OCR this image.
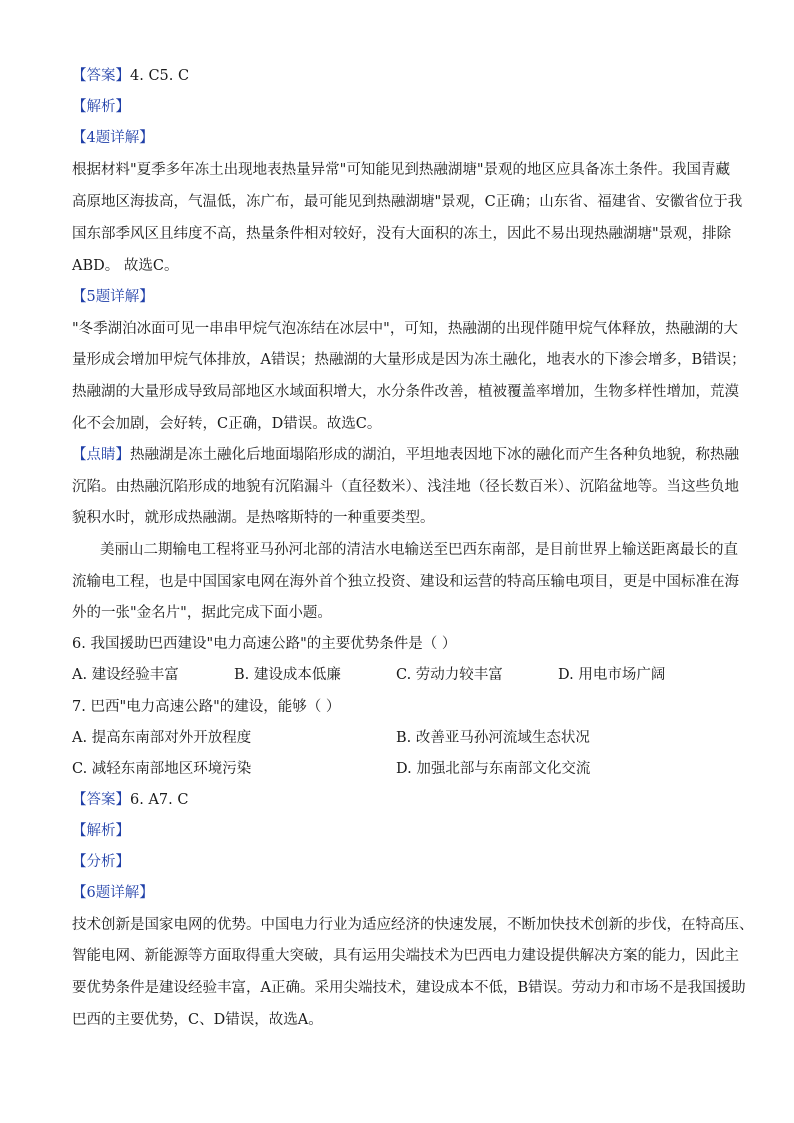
【答案】4. C5. C
【解析】
【4题详解】
根据材料"夏季多年冻土出现地表热量异常"可知能见到热融湖塘"景观的地区应具备冻土条件。我国青藏
高原地区海拔高，气温低，冻广布，最可能见到热融湖塘"景观，C正确；山东省、福建省、安徽省位于我
国东部季风区且纬度不高，热量条件相对较好，没有大面积的冻土，因此不易出现热融湖塘"景观，排除
ABD。 故选C。
【5题详解】
"冬季湖泊冰面可见一串串甲烷气泡冻结在冰层中"，可知，热融湖的出现伴随甲烷气体释放，热融湖的大
量形成会增加甲烷气体排放，A错误；热融湖的大量形成是因为冻土融化，地表水的下渗会增多，B错误；
热融湖的大量形成导致局部地区水域面积增大，水分条件改善，植被覆盖率增加，生物多样性增加，荒漠
化不会加剧，会好转，C正确，D错误。故选C。
【点睛】热融湖是冻土融化后地面塌陷形成的湖泊，平坦地表因地下冰的融化而产生各种负地貌，称热融
沉陷。由热融沉陷形成的地貌有沉陷漏斗（直径数米）、浅洼地（径长数百米）、沉陷盆地等。当这些负地
貌积水时，就形成热融湖。是热喀斯特的一种重要类型。
美丽山二期输电工程将亚马孙河北部的清洁水电输送至巴西东南部，是目前世界上输送距离最长的直
流输电工程，也是中国国家电网在海外首个独立投资、建设和运营的特高压输电项目，更是中国标准在海
外的一张"金名片"，据此完成下面小题。
6. 我国援助巴西建设"电力高速公路"的主要优势条件是（ ）
A. 建设经验丰富	B. 建设成本低廉	C. 劳动力较丰富	D. 用电市场广阔
7. 巴西"电力高速公路"的建设，能够（ ）
A. 提高东南部对外开放程度	B. 改善亚马孙河流域生态状况
C. 减轻东南部地区环境污染	D. 加强北部与东南部文化交流
【答案】6. A7. C
【解析】
【分析】
【6题详解】
技术创新是国家电网的优势。中国电力行业为适应经济的快速发展，不断加快技术创新的步伐，在特高压、
智能电网、新能源等方面取得重大突破，具有运用尖端技术为巴西电力建设提供解决方案的能力，因此主
要优势条件是建设经验丰富，A正确。采用尖端技术，建设成本不低，B错误。劳动力和市场不是我国援助
巴西的主要优势，C、D错误，故选A。
